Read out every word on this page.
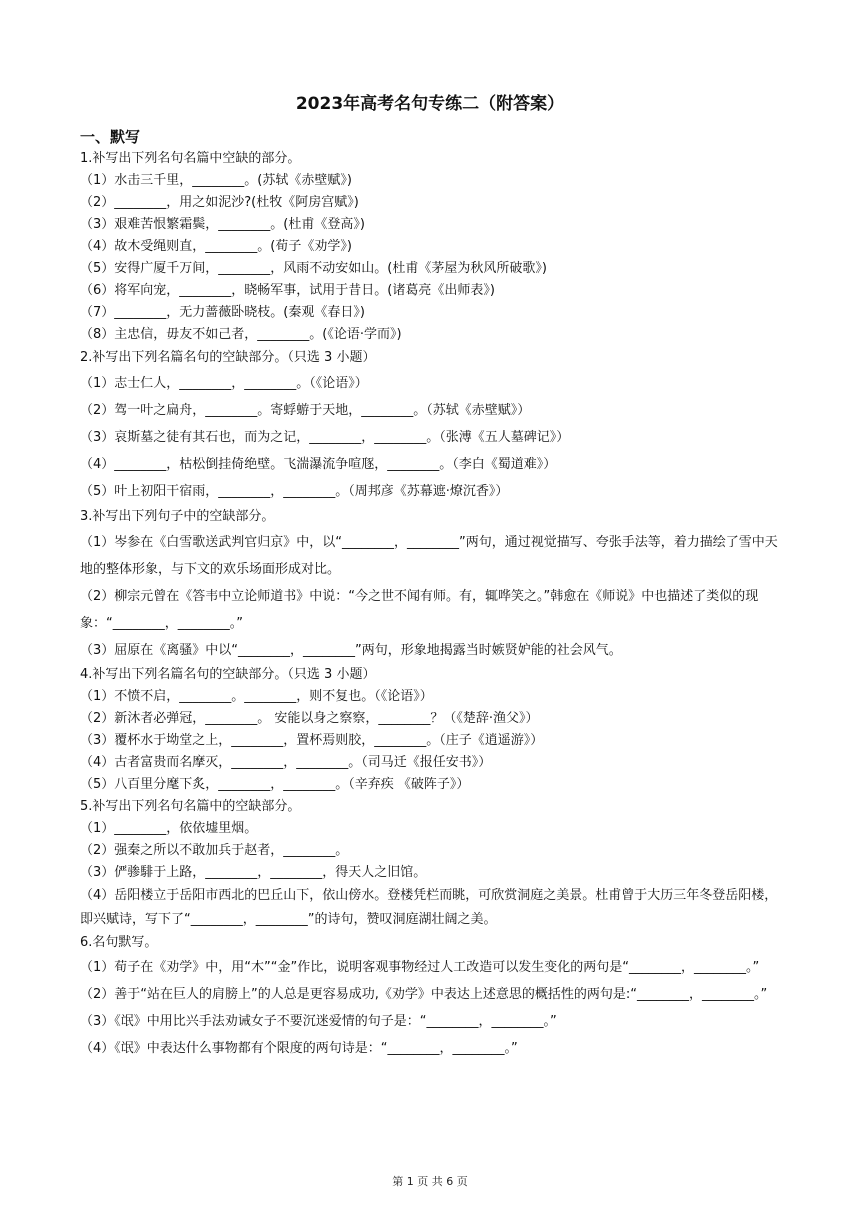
2023年高考名句专练二（附答案）
一、默写
1.补写出下列名句名篇中空缺的部分。
（1）水击三千里，________。(苏轼《赤壁赋》)
（2）________，用之如泥沙?(杜牧《阿房宫赋》)
（3）艰难苦恨繁霜鬓，________。(杜甫《登高》)
（4）故木受绳则直，________。(荀子《劝学》)
（5）安得广厦千万间，________，风雨不动安如山。(杜甫《茅屋为秋风所破歌》)
（6）将军向宠，________，晓畅军事，试用于昔日。(诸葛亮《出师表》)
（7）________，无力蔷薇卧晓枝。(秦观《春日》)
（8）主忠信，毋友不如己者，________。(《论语·学而》)
2.补写出下列名篇名句的空缺部分。（只选 3 小题）
（1）志士仁人，________，________。（《论语》）
（2）驾一叶之扁舟，________。寄蜉蝣于天地，________。（苏轼《赤壁赋》）
（3）哀斯墓之徒有其石也，而为之记，________，________。（张溥《五人墓碑记》）
（4）________，枯松倒挂倚绝壁。飞湍瀑流争喧豗，________。（李白《蜀道难》）
（5）叶上初阳干宿雨，________，________。（周邦彦《苏幕遮·燎沉香》）
3.补写出下列句子中的空缺部分。
（1）岑参在《白雪歌送武判官归京》中，以“________，________”两句，通过视觉描写、夸张手法等，着力描绘了雪中天地的整体形象，与下文的欢乐场面形成对比。
（2）柳宗元曾在《答韦中立论师道书》中说：“今之世不闻有师。有，辄哗笑之。”韩愈在《师说》中也描述了类似的现象：“________，________。”
（3）屈原在《离骚》中以“________，________”两句，形象地揭露当时嫉贤妒能的社会风气。
4.补写出下列名篇名句的空缺部分。（只选 3 小题）
（1）不愤不启，________。________，则不复也。（《论语》）
（2）新沐者必弹冠，________。 安能以身之察察，________？（《楚辞·渔父》）
（3）覆杯水于坳堂之上，________，置杯焉则胶，________。（庄子《逍遥游》）
（4）古者富贵而名摩灭，________，________。（司马迁《报任安书》）
（5）八百里分麾下炙，________，________。（辛弃疾 《破阵子》）
5.补写出下列名句名篇中的空缺部分。
（1）________，依依墟里烟。
（2）强秦之所以不敢加兵于赵者，________。
（3）俨骖騑于上路，________，________，得天人之旧馆。
（4）岳阳楼立于岳阳市西北的巴丘山下，依山傍水。登楼凭栏而眺，可欣赏洞庭之美景。杜甫曾于大历三年冬登岳阳楼，即兴赋诗，写下了“________，________”的诗句，赞叹洞庭湖壮阔之美。
6.名句默写。
（1）荀子在《劝学》中，用“木”“金”作比，说明客观事物经过人工改造可以发生变化的两句是“________，________。”
（2）善于“站在巨人的肩膀上”的人总是更容易成功,《劝学》中表达上述意思的概括性的两句是:“________，________。”
（3）《氓》中用比兴手法劝诫女子不要沉迷爱情的句子是：“________，________。”
（4）《氓》中表达什么事物都有个限度的两句诗是：“________，________。”
第 1 页 共 6 页
